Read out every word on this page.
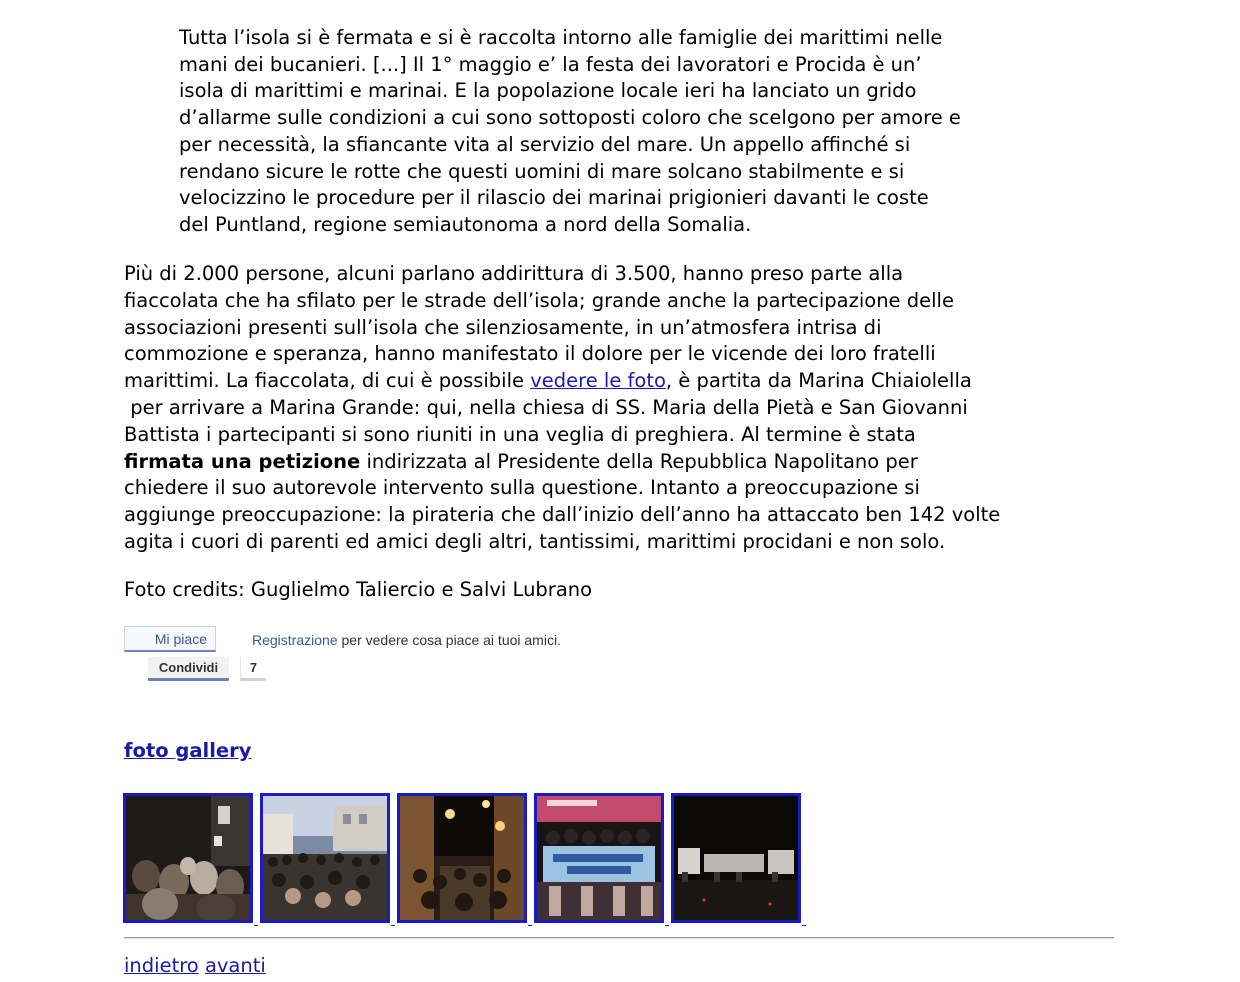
Tutta l’isola si è fermata e si è raccolta intorno alle famiglie dei marittimi nelle
mani dei bucanieri. [...] Il 1° maggio e’ la festa dei lavoratori e Procida è un’
isola di marittimi e marinai. E la popolazione locale ieri ha lanciato un grido
d’allarme sulle condizioni a cui sono sottoposti coloro che scelgono per amore e
per necessità, la sfiancante vita al servizio del mare. Un appello affinché si
rendano sicure le rotte che questi uomini di mare solcano stabilmente e si
velocizzino le procedure per il rilascio dei marinai prigionieri davanti le coste
del Puntland, regione semiautonoma a nord della Somalia.
Più di 2.000 persone, alcuni parlano addirittura di 3.500, hanno preso parte alla
fiaccolata che ha sfilato per le strade dell’isola; grande anche la partecipazione delle
associazioni presenti sull’isola che silenziosamente, in un’atmosfera intrisa di
commozione e speranza, hanno manifestato il dolore per le vicende dei loro fratelli
marittimi. La fiaccolata, di cui è possibile vedere le foto, è partita da Marina Chiaiolella
per arrivare a Marina Grande: qui, nella chiesa di SS. Maria della Pietà e San Giovanni
Battista i partecipanti si sono riuniti in una veglia di preghiera. Al termine è stata
firmata una petizione indirizzata al Presidente della Repubblica Napolitano per
chiedere il suo autorevole intervento sulla questione. Intanto a preoccupazione si
aggiunge preoccupazione: la pirateria che dall’inizio dell’anno ha attaccato ben 142 volte
agita i cuori di parenti ed amici degli altri, tantissimi, marittimi procidani e non solo.
Foto credits: Guglielmo Taliercio e Salvi Lubrano
Mi piace	Registrazione per vedere cosa piace ai tuoi amici.
Condividi	7
foto gallery
indietro avanti
